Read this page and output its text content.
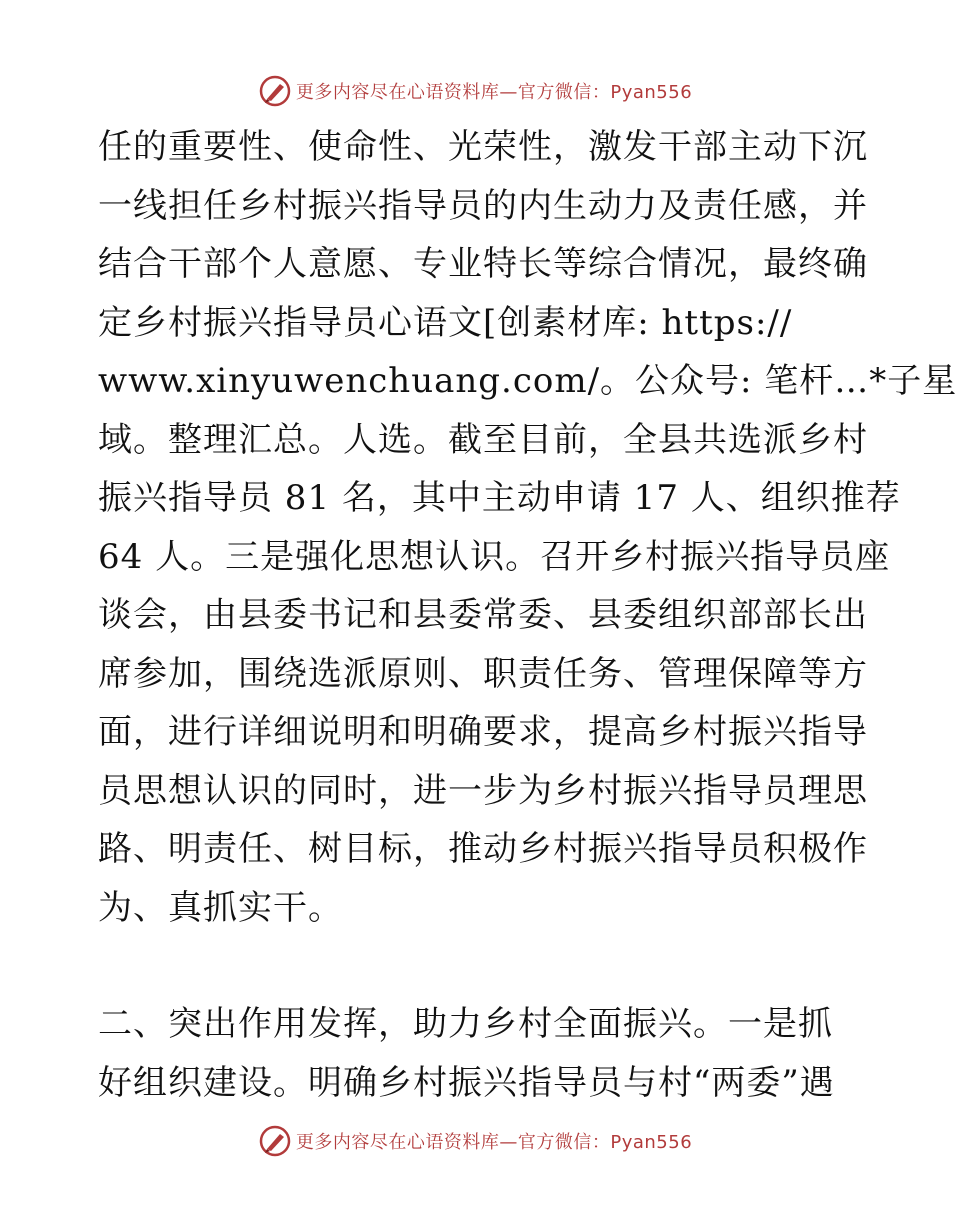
更多内容尽在心语资料库—官方微信：Pyan556
任的重要性、使命性、光荣性，激发干部主动下沉
一线担任乡村振兴指导员的内生动力及责任感，并
结合干部个人意愿、专业特长等综合情况，最终确
定乡村振兴指导员心语文[创素材库: https://
www.xinyuwenchuang.com/。公众号: 笔杆…*子星
域。整理汇总。人选。截至目前，全县共选派乡村
振兴指导员 81 名，其中主动申请 17 人、组织推荐
64 人。三是强化思想认识。召开乡村振兴指导员座
谈会，由县委书记和县委常委、县委组织部部长出
席参加，围绕选派原则、职责任务、管理保障等方
面，进行详细说明和明确要求，提高乡村振兴指导
员思想认识的同时，进一步为乡村振兴指导员理思
路、明责任、树目标，推动乡村振兴指导员积极作
为、真抓实干。
二、突出作用发挥，助力乡村全面振兴。一是抓
好组织建设。明确乡村振兴指导员与村“两委”遇
更多内容尽在心语资料库—官方微信：Pyan556
